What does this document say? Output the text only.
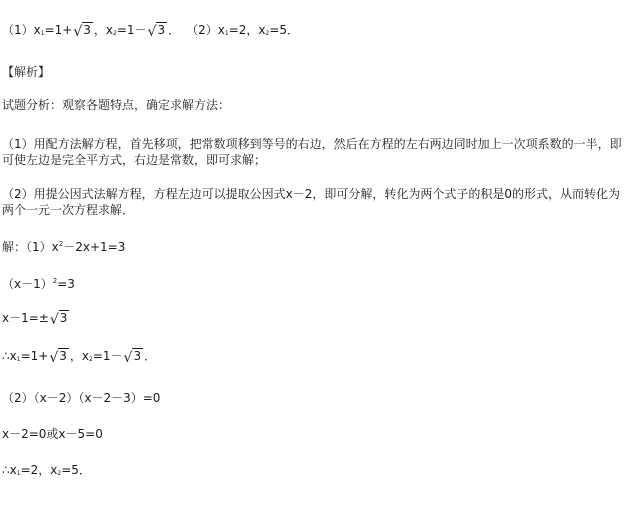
$(1)x_1=1+√3$ ，$x_2=1-√3$ ． $(2)x_1=2$，$x_2=5$．
【解析】
试题分析：观察各题特点，确定求解方法：
（1）用配方法解方程，首先移项，把常数项移到等号的右边，然后在方程的左右两边同时加上一次项系数的一半，即可使左边是完全平方式，右边是常数，即可求解；
（2）用提公因式法解方程，方程左边可以提取公因式x－2，即可分解，转化为两个式子的积是0的形式，从而转化为两个一元一次方程求解．
解：$(1)x^2-2x+1=3$
$(x-1)^2=3$
x－1=±√3
$\therefore x_1=1+√3$ ，$x_2=1-√3$ ．
（2）（x－2）（x－2－3）=0
x－2=0或x－5=0
$\therefore x_1=2$，$x_2=5$．
